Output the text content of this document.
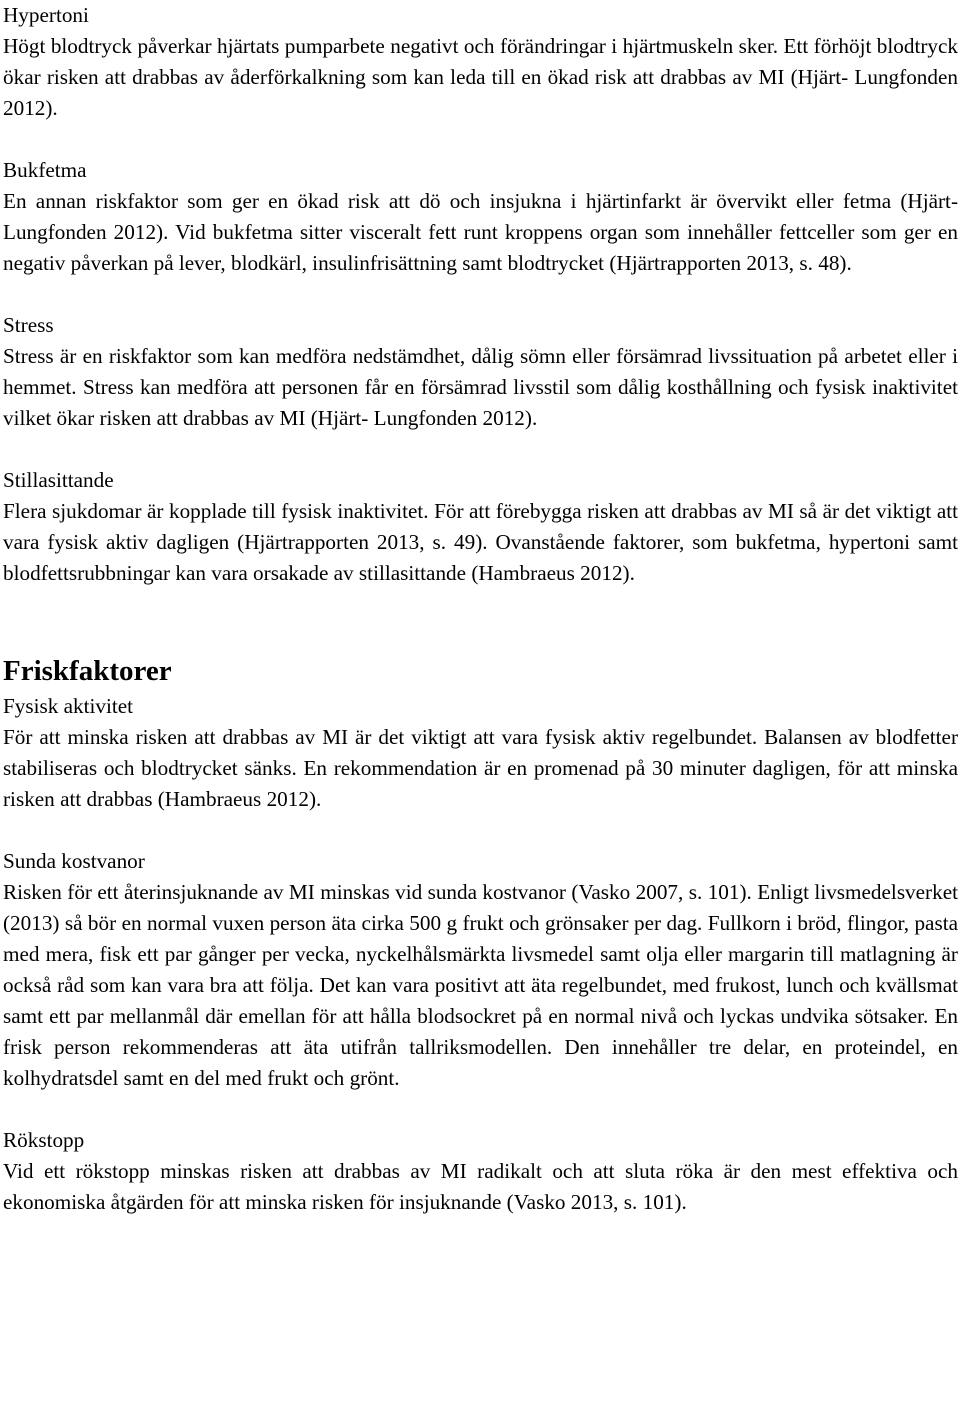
Hypertoni

Högt blodtryck påverkar hjärtats pumparbete negativt och förändringar i hjärtmuskeln sker. Ett förhöjt blodtryck ökar risken att drabbas av åderförkalkning som kan leda till en ökad risk att drabbas av MI (Hjärt- Lungfonden 2012).

Bukfetma

En annan riskfaktor som ger en ökad risk att dö och insjukna i hjärtinfarkt är övervikt eller fetma (Hjärt- Lungfonden 2012). Vid bukfetma sitter visceralt fett runt kroppens organ som innehåller fettceller som ger en negativ påverkan på lever, blodkärl, insulinfrisättning samt blodtrycket (Hjärtrapporten 2013, s. 48).

Stress

Stress är en riskfaktor som kan medföra nedstämdhet, dålig sömn eller försämrad livssituation på arbetet eller i hemmet. Stress kan medföra att personen får en försämrad livsstil som dålig kosthållning och fysisk inaktivitet vilket ökar risken att drabbas av MI (Hjärt- Lungfonden 2012).

Stillasittande

Flera sjukdomar är kopplade till fysisk inaktivitet. För att förebygga risken att drabbas av MI så är det viktigt att vara fysisk aktiv dagligen (Hjärtrapporten 2013, s. 49). Ovanstående faktorer, som bukfetma, hypertoni samt blodfettsrubbningar kan vara orsakade av stillasittande (Hambraeus 2012).

Friskfaktorer

Fysisk aktivitet

För att minska risken att drabbas av MI är det viktigt att vara fysisk aktiv regelbundet. Balansen av blodfetter stabiliseras och blodtrycket sänks. En rekommendation är en promenad på 30 minuter dagligen, för att minska risken att drabbas (Hambraeus 2012).

Sunda kostvanor

Risken för ett återinsjuknande av MI minskas vid sunda kostvanor (Vasko 2007, s. 101). Enligt livsmedelsverket (2013) så bör en normal vuxen person äta cirka 500 g frukt och grönsaker per dag. Fullkorn i bröd, flingor, pasta med mera, fisk ett par gånger per vecka, nyckelhålsmärkta livsmedel samt olja eller margarin till matlagning är också råd som kan vara bra att följa. Det kan vara positivt att äta regelbundet, med frukost, lunch och kvällsmat samt ett par mellanmål där emellan för att hålla blodsockret på en normal nivå och lyckas undvika sötsaker. En frisk person rekommenderas att äta utifrån tallriksmodellen. Den innehåller tre delar, en proteindel, en kolhydratsdel samt en del med frukt och grönt.

Rökstopp

Vid ett rökstopp minskas risken att drabbas av MI radikalt och att sluta röka är den mest effektiva och ekonomiska åtgärden för att minska risken för insjuknande (Vasko 2013, s. 101).
